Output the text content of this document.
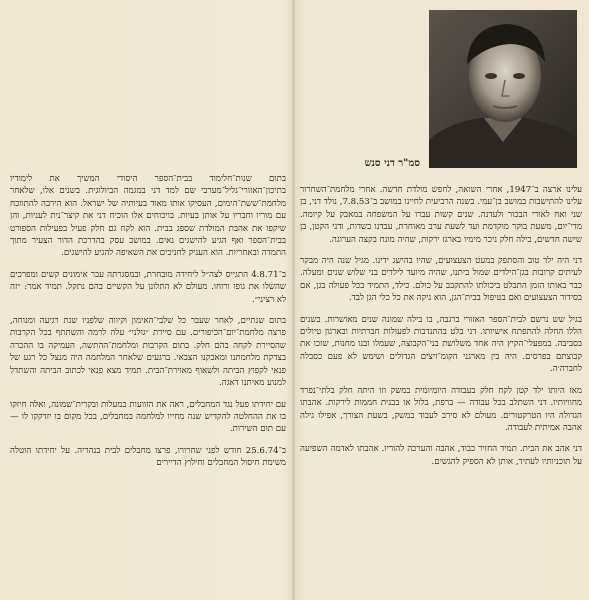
סמ"ר דני סנש

עלינו ארצה ב־1947, אחרי השואה, לחפש מולדת חדשה. אחרי מלחמת־השחרור עלינו להתישבות במושב בן־עמי. בשנה הרביעית לחיינו במושב ב־7.8.53, נולד דני, בן שני ואח לאורי הבכור ולעדנה. שנים קשות עברו על המשפחה במאבק על קיומה. מדי־יום, משעת בוקר מוקדמת ועד לשעת ערב מאוחרת, עבדנו בשדות, ודני הקטן, בן שישה חדשים, בילה חלק ניכר מימיו בארגז ירקות, שהיה מונח בקצה הערוגה.

דני היה ילד טוב והסתפק במעט הצעצועים, שהיו בהישג ידינו. מגיל שנה היה מבקר לעיתים קרובות בגן־הילדים שמול ביתנו, שהיה מיועד לילדים בני שלוש שנים ומעלה. כבר באותו הזמן התבלט ביכולתו להתקבב על כולם. כילד, התמיד בכל פעולה בגן, אם בסידור הצעצועים ואם בטיפול בבית־הגן, הוא ניקה את כל כלי הגן לבד.

בגיל שש נרשם לבית־הספר האזורי ברגבה, בו בילה שמונה שנים מאושרות. בשנים הללו החלה להתפתח אישיותו. דני בלט בהתנדבות לפעולות חברתיות ובארגון טיולים בסביבה. במפעלי־הקיץ היה אחד משלושת בני־הקבוצה, שעמלו ובנו מחנות, שזכו את קבוצתם בפרסים. היה בין מארגני הקומ־זיצים הגדולים ושימש לא פעם כסבלה לחברה׳ה.

מאז היותו ילד קטן לקח חלק בעבודה היומיומית במשק וזו היתה חלק בלתי־נפרד מחוויותיו. דני השתלב בכל עבודה — ברפת, בלול או בבנית חממות לירקות. אהבתו הגדולה היו הטרקטורים. מעולם לא סירב לעבוד במשק, בשעת הצורך, אפילו גילה אהבה אמיתית לעבודה.

דני אהב את הבית. תמיד החזיר כבוד, אהבה והערכה להוריו. אהבתו לאדמה השפיעה על תוכניותיו לעתיד, אותן לא הספיק להגשים.

בתום שנות־חלימוד בבית־הספר היסודי המשיך את לימודיו בתיכון־האזורי־גליל־מערבי שם למד דני במגמה הביולוגית. בשנים אלו, שלאחר מלחמת־ששת־הימים, העסיקו אותו מאוד בעיותיה של ישראל. הוא הירבה להתווכח עם מוריו וחבריו על אותן בעיות. בויכוחים אלו הוכיח דני את קיצר־נית לעניות, והן שיקפו את אהבת המולדת שספג בבית. הוא לקח גם חלק פעיל בפעילות הספורט בבית־הספר ואף הגיע להישגים נאים. במושב עסק בהדרכת הדור הצעיר מתוך התמדה ובאחריות. הוא העניק לחניכים את השאיפה להגיע להישגים.

ב־4.8.71 התגייס לצה״ל ליחידה מובחרת, ובמסגרתה עבר אימונים קשים ומפרכים שהשלו את גופו ורוחו. מעולם לא התלונן על הקשיים בהם נתקל. תמיד אמר: ״זה לא רציני״.

בתום שנתיים, לאחר שעבר כל שלבי־האימון וקיווה שלפניו שנת רגיעה ומנוחה, פרצה מלחמת־יום־הכיפורים. עם סיירת ״גולני״ עלה לרמה והשתתף בכל הקרבות שהסיירת לקחה בהם חלק. בתום הקרבות ומלחמת־ההתשה, העמיקה בו ההכרה בצדקת מלחמתנו ומאבקנו הצבאי. ברגעים שלאחר המלחמה היה מנצל כל רגע של פנאי לקפוץ הביתה ולשאוף מאוירת־הבית. תמיד מצא פנאי לכתוב הביתה והשתדל למנוע מאיתנו דאגה.

עם יחידתו פעל נגד המחבלים, ראה את הזוועות במעלות ובקרית־שמונה, ואלה חיזקו בו את ההחלטה להקדיש שנה מחייו למלחמה במחבלים, בכל מקום בו יזדקקו לו — עם תום השירות.

ב־25.6.74 חודש לפני שחרורו, פרצו מחבלים לבית בנהריה. על יחידתו הוטלה משימת חיסול המחבלים וחילוץ הדיירים
